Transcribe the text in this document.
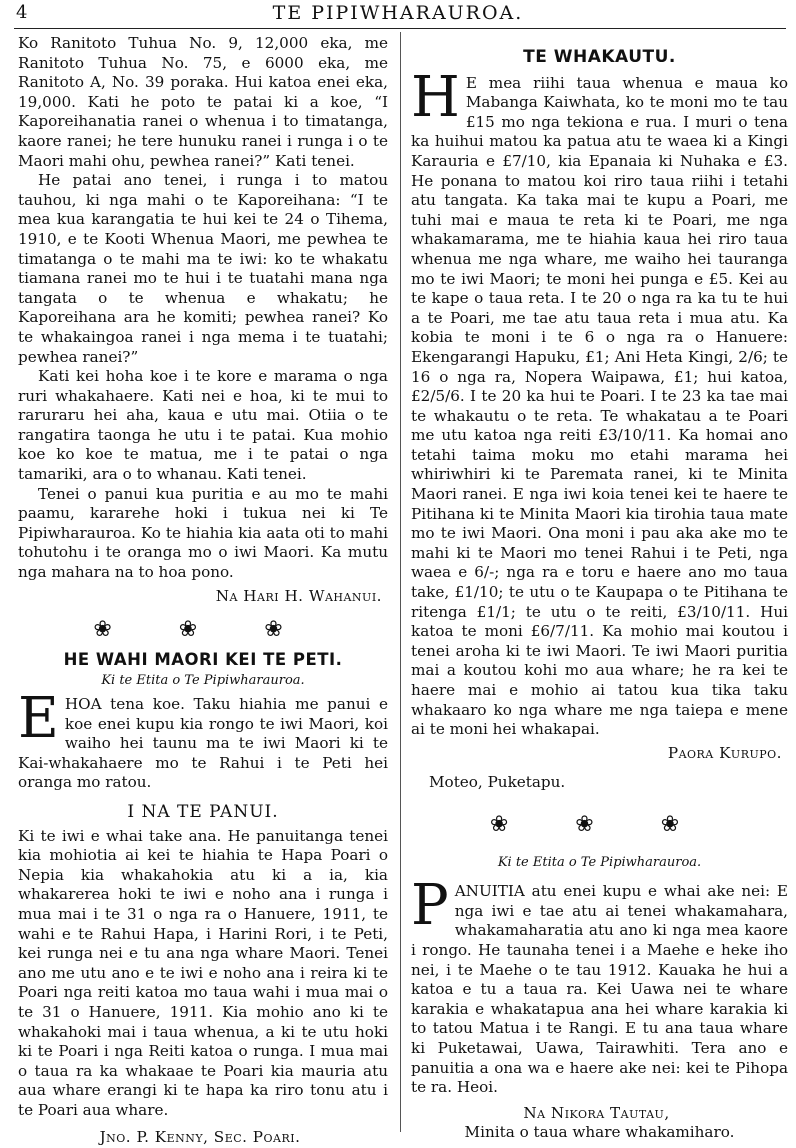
4	TE PIPIWHARAUROA.

Ko Ranitoto Tuhua No. 9, 12,000 eka, me Ranitoto Tuhua No. 75, e 6000 eka, me Ranitoto A, No. 39 poraka. Hui katoa enei eka, 19,000. Kati he poto te patai ki a koe, “I Kaporeihanatia ranei o whenua i to timatanga, kaore ranei; he tere hunuku ranei i runga i o te Maori mahi ohu, pewhea ranei?” Kati tenei.

He patai ano tenei, i runga i to matou tauhou, ki nga mahi o te Kaporeihana: “I te mea kua karangatia te hui kei te 24 o Tihema, 1910, e te Kooti Whenua Maori, me pewhea te timatanga o te mahi ma te iwi: ko te whakatu tiamana ranei mo te hui i te tuatahi mana nga tangata o te whenua e whakatu; he Kaporeihana ara he komiti; pewhea ranei? Ko te whakaingoa ranei i nga mema i te tuatahi; pewhea ranei?”

Kati kei hoha koe i te kore e marama o nga ruri whakahaere. Kati nei e hoa, ki te mui to raruraru hei aha, kaua e utu mai. Otiia o te rangatira taonga he utu i te patai. Kua mohio koe ko koe te matua, me i te patai o nga tamariki, ara o to whanau. Kati tenei.

Tenei o panui kua puritia e au mo te mahi paamu, kararehe hoki i tukua nei ki Te Pipiwharauroa. Ko te hiahia kia aata oti to mahi tohutohu i te oranga mo o iwi Maori. Ka mutu nga mahara na to hoa pono.

Na Hari H. Wahanui.
❀ ❀ ❀
HE WAHI MAORI KEI TE PETI.
Ki te Etita o Te Pipiwharauroa.

EHOA tena koe. Taku hiahia me panui e koe enei kupu kia rongo te iwi Maori, koi waiho hei taunu ma te iwi Maori ki te Kai-whakahaere mo te Rahui i te Peti hei oranga mo ratou.

I NA TE PANUI.

Ki te iwi e whai take ana. He panuitanga tenei kia mohiotia ai kei te hiahia te Hapa Poari o Nepia kia whakahokia atu ki a ia, kia whakarerea hoki te iwi e noho ana i runga i mua mai i te 31 o nga ra o Hanuere, 1911, te wahi e te Rahui Hapa, i Harini Rori, i te Peti, kei runga nei e tu ana nga whare Maori. Tenei ano me utu ano e te iwi e noho ana i reira ki te Poari nga reiti katoa mo taua wahi i mua mai o te 31 o Hanuere, 1911. Kia mohio ano ki te whakahoki mai i taua whenua, a ki te utu hoki ki te Poari i nga Reiti katoa o runga. I mua mai o taua ra ka whakaae te Poari kia mauria atu aua whare erangi ki te hapa ka riro tonu atu i te Poari aua whare.

Jno. P. Kenny, Sec. Poari.
TE WHAKAUTU.

H E mea riihi taua whenua e maua ko Mabanga Kaiwhata, ko te moni mo te tau £15 mo nga tekiona e rua. I muri o tena ka huihui matou ka patua atu te waea ki a Kingi Karauria e £7/10, kia Epanaia ki Nuhaka e £3. He ponana to matou koi riro taua riihi i tetahi atu tangata. Ka taka mai te kupu a Poari, me tuhi mai e maua te reta ki te Poari, me nga whakamarama, me te hiahia kaua hei riro taua whenua me nga whare, me waiho hei taurangа mo te iwi Maori; te moni hei punga e £5. Kei au te kape o taua reta. I te 20 o nga ra ka tu te hui a te Poari, me tae atu taua reta i mua atu. Ka kobia te moni i te 6 o nga ra o Hanuere: Ekengarangi Hapuku, £1; Ani Heta Kingi, 2/6; te 16 o nga ra, Nopera Waipawa, £1; hui katoa, £2/5/6. I te 20 ka hui te Poari. I te 23 ka tae mai te whakautu o te reta. Te whakatau a te Poari me utu katoa nga reiti £3/10/11. Ka homai ano tetahi taima moku mo etahi marama hei whiriwhiri ki te Paremata ranei, ki te Minita Maori ranei. E nga iwi koia tenei kei te haere te Pitihana ki te Minita Maori kia tirohia taua mate mo te iwi Maori. Ona moni i pau aka ake mo te mahi ki te Maori mo tenei Rahui i te Peti, nga waea e 6/-; nga ra e toru e haere ano mo taua take, £1/10; te utu o te Kaupapa o te Pitihana te ritenga £1/1; te utu o te reiti, £3/10/11. Hui katoa te moni £6/7/11. Ka mohio mai koutou i tenei aroha ki te iwi Maori. Te iwi Maori puritia mai a koutou kohi mo aua whare; he ra kei te haere mai e mohio ai tatou kua tika taku whakaaro ko nga whare me nga taiepa e mene ai te moni hei whakapai.

Paora Kurupo.
Moteo, Puketapu.
❀ ❀ ❀
Ki te Etita o Te Pipiwharauroa.

PANUITIA atu enei kupu e whai ake nei: E nga iwi e tae atu ai tenei whakamahara, whakamaharatia atu ano ki nga mea kaore i rongo. He taunaha tenei i a Maehe e heke iho nei, i te Maehe o te tau 1912. Kauaka he hui a katoa e tu a taua ra. Kei Uawa nei te whare karakia e whakatapua ana hei whare karakia ki to tatou Matua i te Rangi. E tu ana taua whare ki Puketawai, Uawa, Tairawhiti. Tera ano e panuitia a ona wa e haere ake nei: kei te Pihopa te ra. Heoi.

Na Nikora Tautau,
Minita o taua whare whakamiharo.
